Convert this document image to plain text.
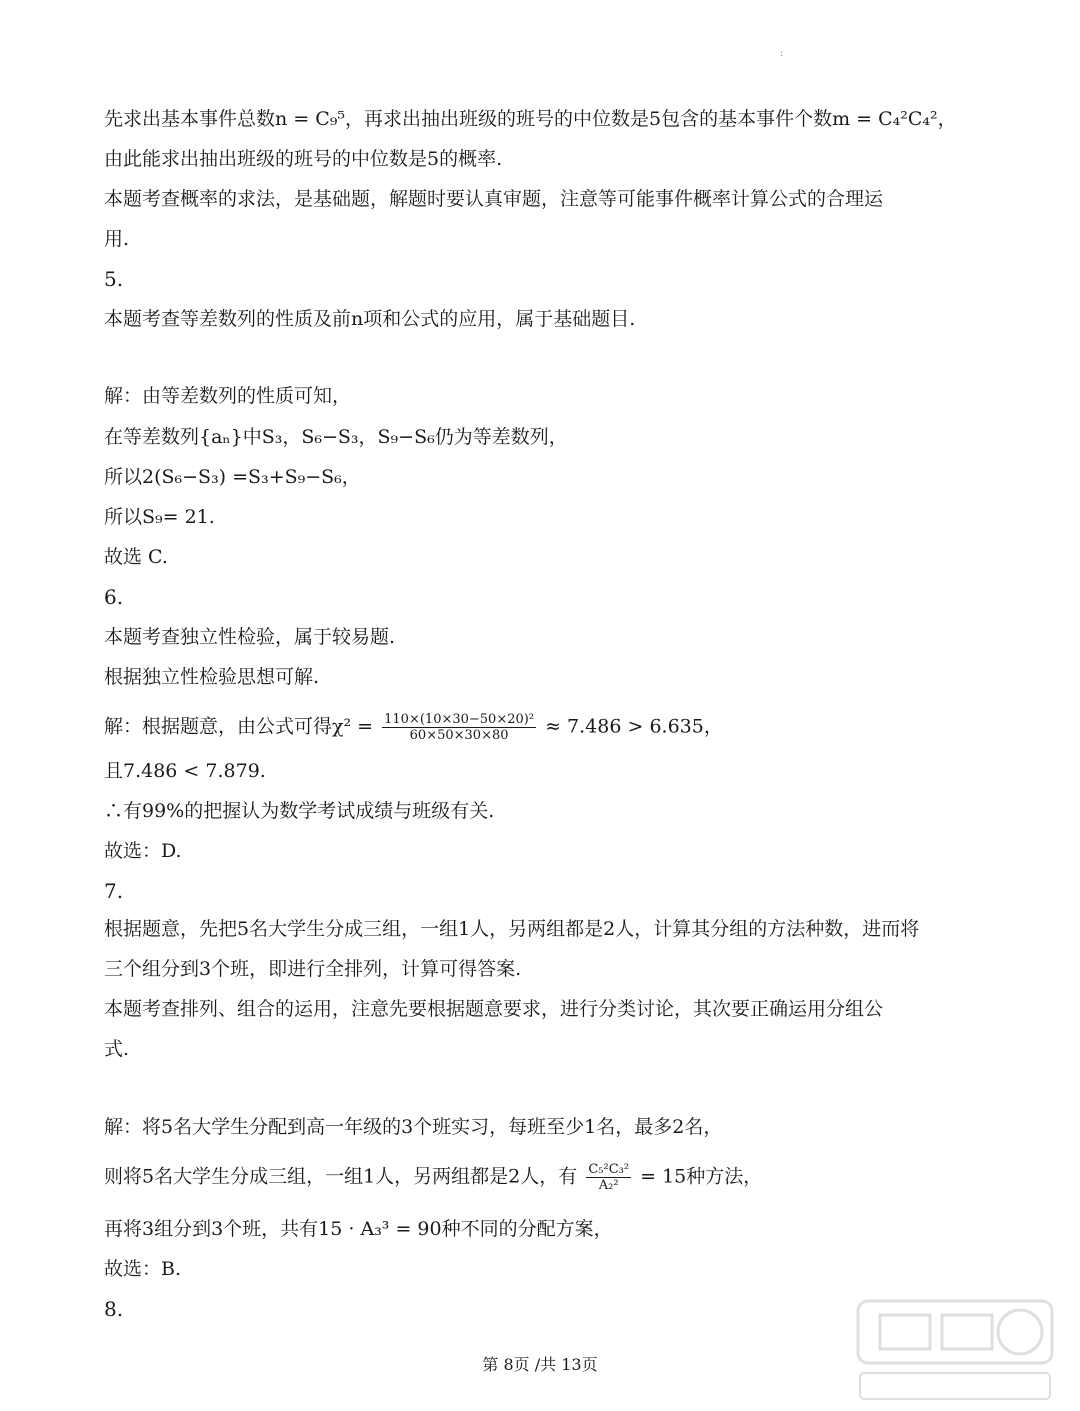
:
先求出基本事件总数n = C₉⁵，再求出抽出班级的班号的中位数是5包含的基本事件个数m = C₄²C₄²，
由此能求出抽出班级的班号的中位数是5的概率.
本题考查概率的求法，是基础题，解题时要认真审题，注意等可能事件概率计算公式的合理运
用.
5.
本题考查等差数列的性质及前n项和公式的应用，属于基础题目.
解：由等差数列的性质可知，
在等差数列{aₙ}中S₃，S₆−S₃，S₉−S₆仍为等差数列，
所以2(S₆−S₃) =S₃+S₉−S₆，
所以S₉= 21.
故选 C.
6.
本题考查独立性检验，属于较易题.
根据独立性检验思想可解.
解：根据题意，由公式可得$\chi^2 = \frac{\text{110×(10×30−50×20)²}}{60\times 50\times 30\times 80} \approx 7.486 > 6.635$，
且7.486 < 7.879.
∴有99%的把握认为数学考试成绩与班级有关.
故选：D.
7.
根据题意，先把5名大学生分成三组，一组1人，另两组都是2人，计算其分组的方法种数，进而将
三个组分到3个班，即进行全排列，计算可得答案.
本题考查排列、组合的运用，注意先要根据题意要求，进行分类讨论，其次要正确运用分组公
式.
解：将5名大学生分配到高一年级的3个班实习，每班至少1名，最多2名，
则将5名大学生分成三组，一组1人，另两组都是2人，有 $\frac{\text{C₅²C₃²}}{\text{A₂²}} = 15$种方法，
再将3组分到3个班，共有15 · A₃³ = 90种不同的分配方案，
故选：B.
8.
第 8页 /共 13页
